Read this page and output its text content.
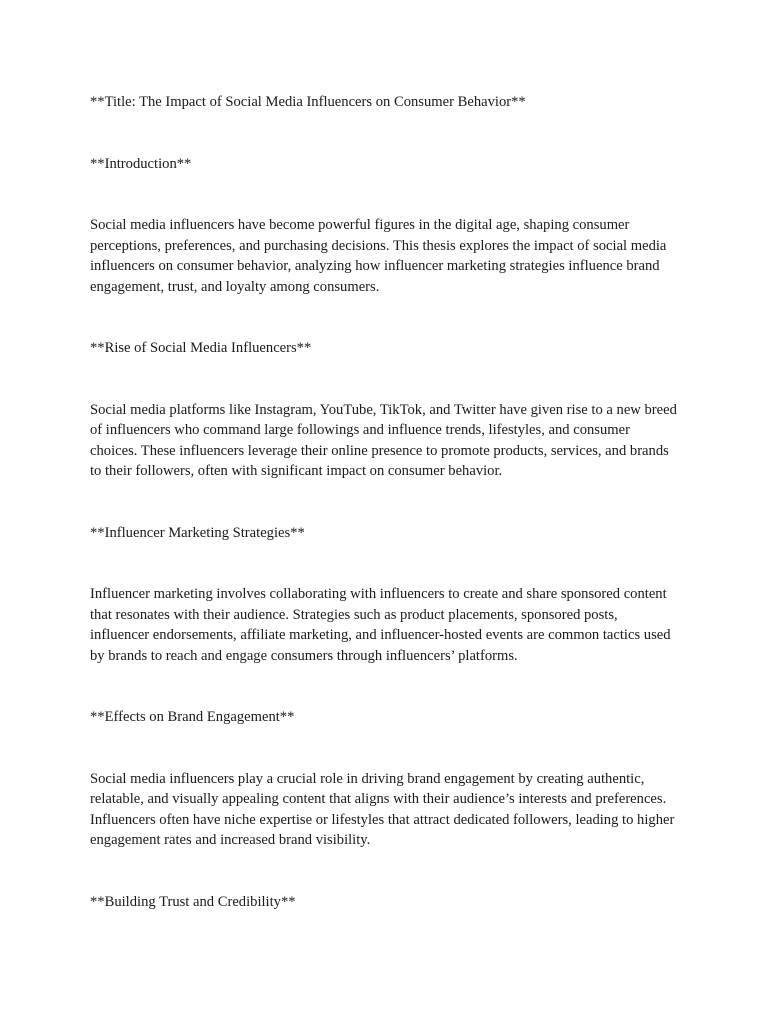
**Title: The Impact of Social Media Influencers on Consumer Behavior**

**Introduction**

Social media influencers have become powerful figures in the digital age, shaping consumer perceptions, preferences, and purchasing decisions. This thesis explores the impact of social media influencers on consumer behavior, analyzing how influencer marketing strategies influence brand engagement, trust, and loyalty among consumers.

**Rise of Social Media Influencers**

Social media platforms like Instagram, YouTube, TikTok, and Twitter have given rise to a new breed of influencers who command large followings and influence trends, lifestyles, and consumer choices. These influencers leverage their online presence to promote products, services, and brands to their followers, often with significant impact on consumer behavior.

**Influencer Marketing Strategies**

Influencer marketing involves collaborating with influencers to create and share sponsored content that resonates with their audience. Strategies such as product placements, sponsored posts, influencer endorsements, affiliate marketing, and influencer-hosted events are common tactics used by brands to reach and engage consumers through influencers’ platforms.

**Effects on Brand Engagement**

Social media influencers play a crucial role in driving brand engagement by creating authentic, relatable, and visually appealing content that aligns with their audience’s interests and preferences. Influencers often have niche expertise or lifestyles that attract dedicated followers, leading to higher engagement rates and increased brand visibility.

**Building Trust and Credibility**
